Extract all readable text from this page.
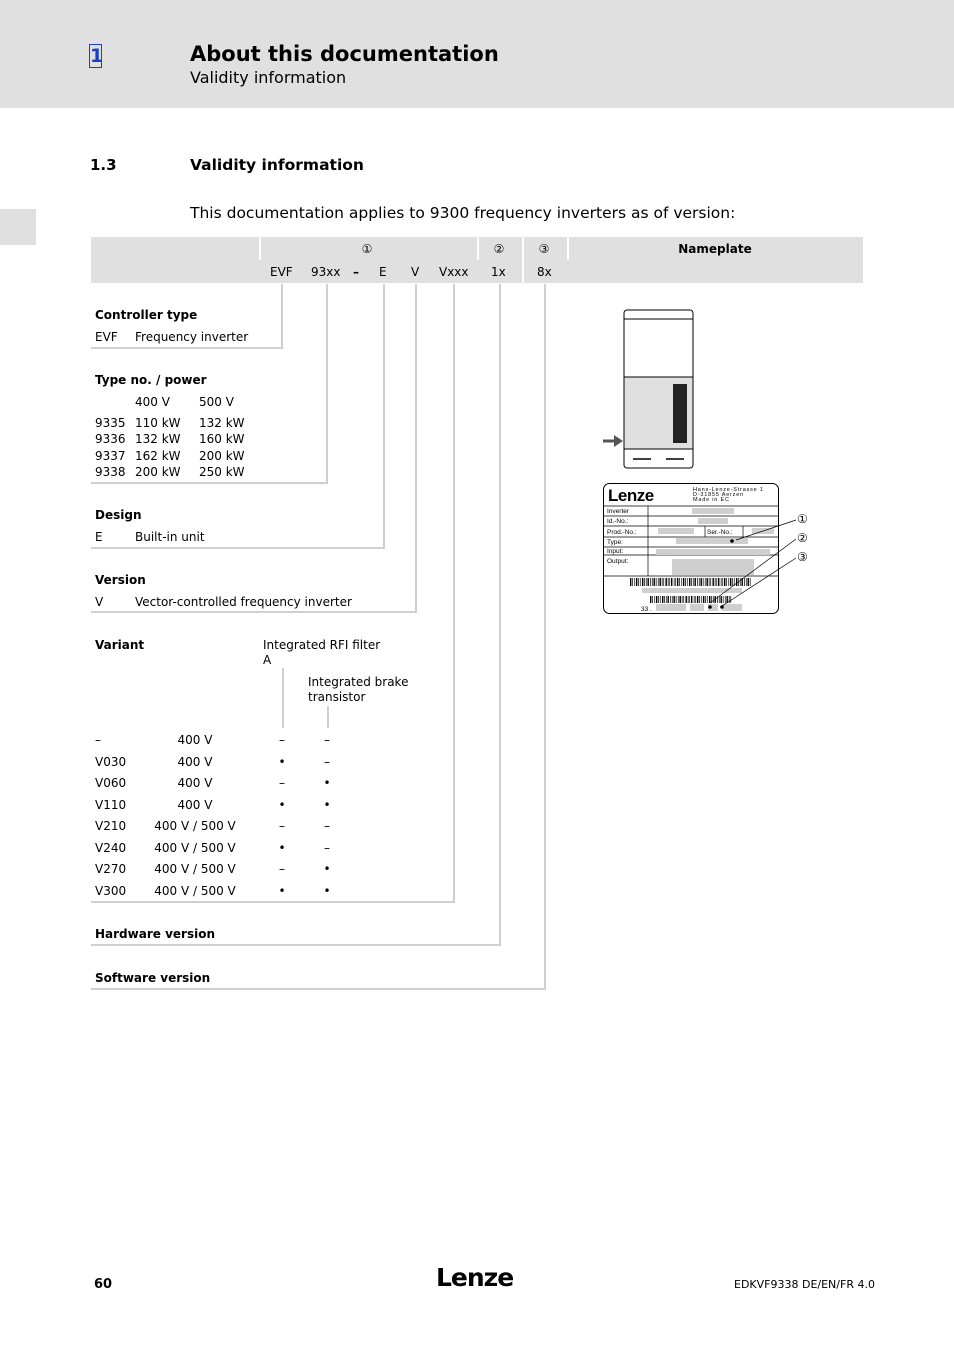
1	About this documentation
Validity information
1.3	Validity information
This documentation applies to 9300 frequency inverters as of version:
①	②	③	Nameplate
EVF 93xx – E V Vxxx 1x	8x
Controller type
EVF Frequency inverter
Type no. / power
400 V 500 V
9335 110 kW 132 kW
9336 132 kW 160 kW
9337 162 kW 200 kW
9338 200 kW 250 kW
Design
E	Built-in unit
Version
V	Vector-controlled frequency inverter
Variant	Integrated RFI filter
A
Integrated brake
transistor
–	400 V	–	–
V030	400 V	•	–
V060	400 V	–	•
V110	400 V	•	•
V210	400 V / 500 V	–	–
V240	400 V / 500 V	•	–
V270	400 V / 500 V	–	•
V300	400 V / 500 V	•	•
Hardware version
Software version
Lenze	Hans-Lenze-Strasse 1
D-31855 Aerzen
Made in EC
Inverter
Id.-No.:
Prod.-No.:	Ser.-No.:
Type:
Input:
Output:
33 .
①
②
③
60	Lenze	EDKVF9338 DE/EN/FR 4.0
